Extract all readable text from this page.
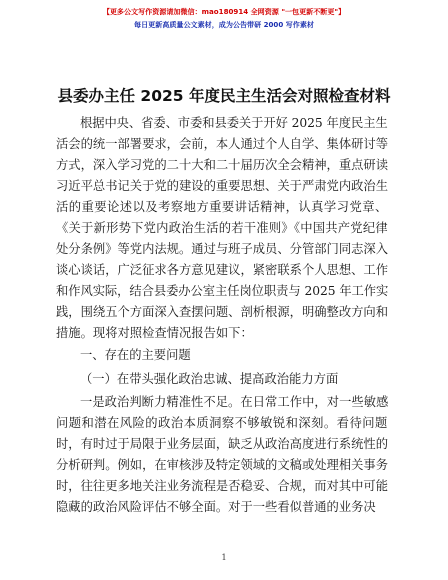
【更多公文写作资源请加微信：mao180914 全网资源 "一包更新不断更"】
每日更新高质量公文素材，成为公告带研 2000 写作素材
县委办主任 2025 年度民主生活会对照检查材料
根据中央、省委、市委和县委关于开好 2025 年度民主生
活会的统一部署要求，会前，本人通过个人自学、集体研讨等
方式，深入学习党的二十大和二十届历次全会精神，重点研读
习近平总书记关于党的建设的重要思想、关于严肃党内政治生
活的重要论述以及考察地方重要讲话精神，认真学习党章、
《关于新形势下党内政治生活的若干准则》《中国共产党纪律
处分条例》等党内法规。通过与班子成员、分管部门同志深入
谈心谈话，广泛征求各方意见建议，紧密联系个人思想、工作
和作风实际，结合县委办公室主任岗位职责与 2025 年工作实
践，围绕五个方面深入查摆问题、剖析根源，明确整改方向和
措施。现将对照检查情况报告如下：
一、存在的主要问题
（一）在带头强化政治忠诚、提高政治能力方面
一是政治判断力精准性不足。在日常工作中，对一些敏感
问题和潜在风险的政治本质洞察不够敏锐和深刻。看待问题
时，有时过于局限于业务层面，缺乏从政治高度进行系统性的
分析研判。例如，在审核涉及特定领域的文稿或处理相关事务
时，往往更多地关注业务流程是否稳妥、合规，而对其中可能
隐藏的政治风险评估不够全面。对于一些看似普通的业务决
1
